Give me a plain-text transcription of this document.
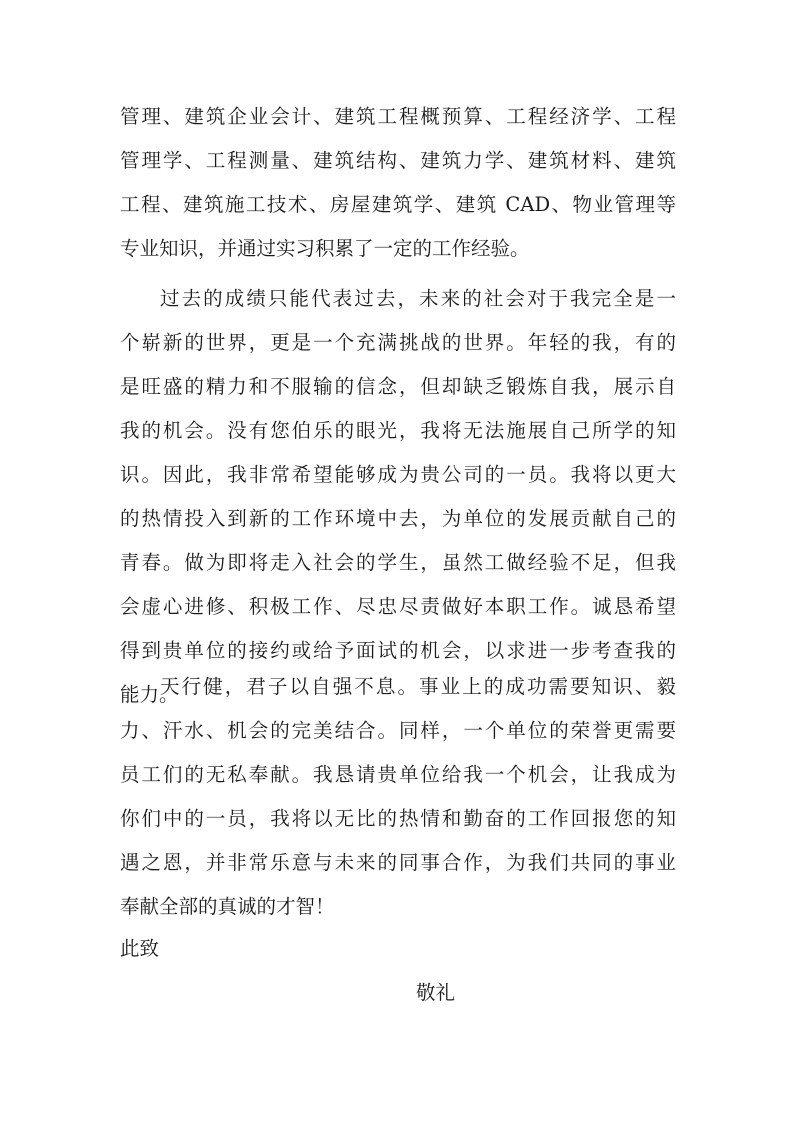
管理、建筑企业会计、建筑工程概预算、工程经济学、工程
管理学、工程测量、建筑结构、建筑力学、建筑材料、建筑
工程、建筑施工技术、房屋建筑学、建筑 CAD、物业管理等
专业知识，并通过实习积累了一定的工作经验。
过去的成绩只能代表过去，未来的社会对于我完全是一
个崭新的世界，更是一个充满挑战的世界。年轻的我，有的
是旺盛的精力和不服输的信念，但却缺乏锻炼自我，展示自
我的机会。没有您伯乐的眼光，我将无法施展自己所学的知
识。因此，我非常希望能够成为贵公司的一员。我将以更大
的热情投入到新的工作环境中去，为单位的发展贡献自己的
青春。做为即将走入社会的学生，虽然工做经验不足，但我
会虚心进修、积极工作、尽忠尽责做好本职工作。诚恳希望
得到贵单位的接约或给予面试的机会，以求进一步考查我的
能力。
天行健，君子以自强不息。事业上的成功需要知识、毅
力、汗水、机会的完美结合。同样，一个单位的荣誉更需要
员工们的无私奉献。我恳请贵单位给我一个机会，让我成为
你们中的一员，我将以无比的热情和勤奋的工作回报您的知
遇之恩，并非常乐意与未来的同事合作，为我们共同的事业
奉献全部的真诚的才智！
此致
敬礼
